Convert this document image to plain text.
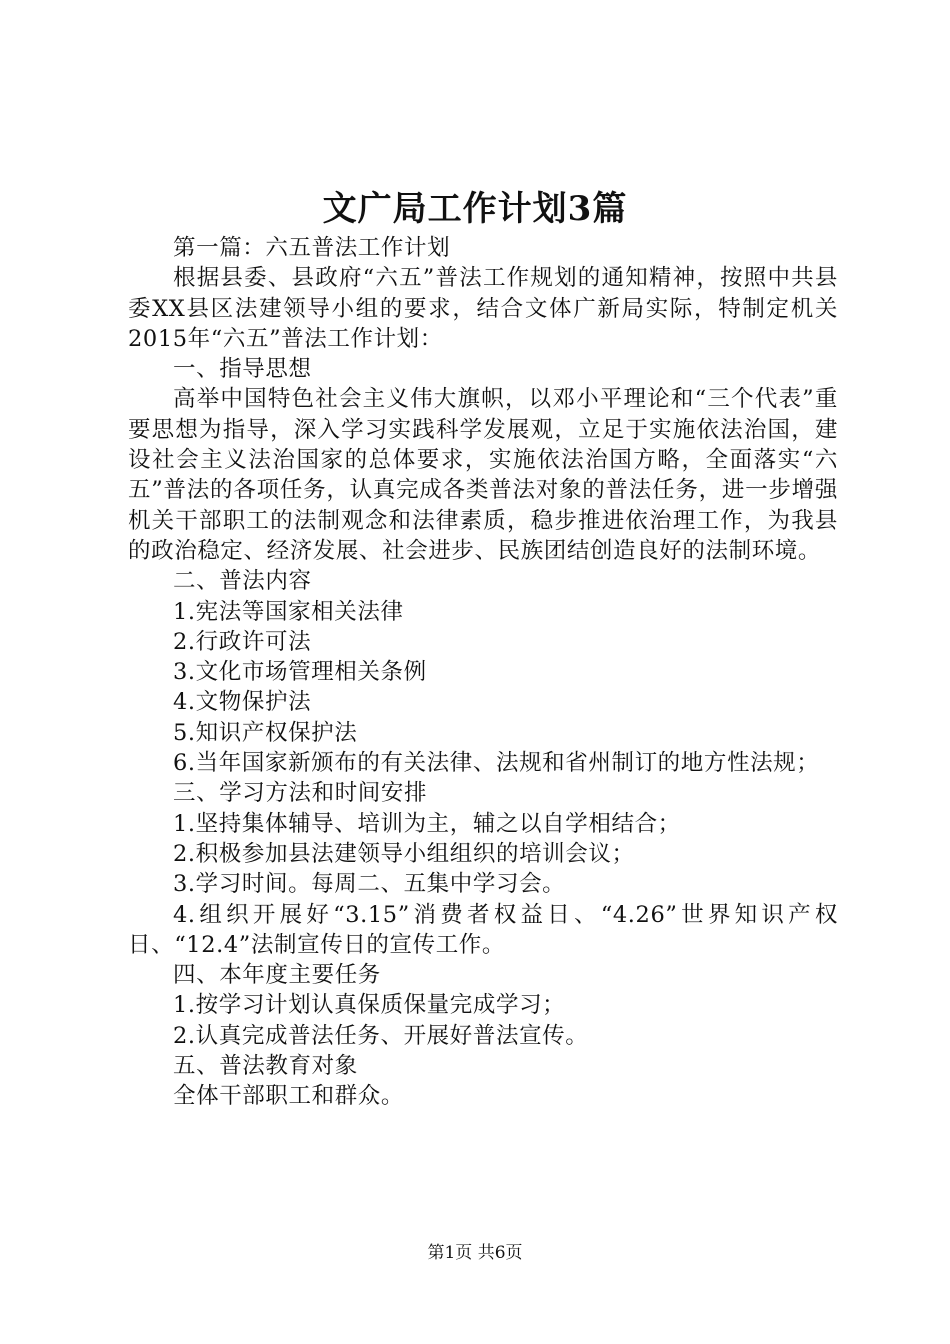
文广局工作计划3篇

第一篇：六五普法工作计划

根据县委、县政府“六五”普法工作规划的通知精神，按照中共县委XX县区法建领导小组的要求，结合文体广新局实际，特制定机关2015年“六五”普法工作计划：

一、指导思想

高举中国特色社会主义伟大旗帜，以邓小平理论和“三个代表”重要思想为指导，深入学习实践科学发展观，立足于实施依法治国，建设社会主义法治国家的总体要求，实施依法治国方略，全面落实“六五”普法的各项任务，认真完成各类普法对象的普法任务，进一步增强机关干部职工的法制观念和法律素质，稳步推进依治理工作，为我县的政治稳定、经济发展、社会进步、民族团结创造良好的法制环境。

二、普法内容

1.宪法等国家相关法律

2.行政许可法

3.文化市场管理相关条例

4.文物保护法

5.知识产权保护法

6.当年国家新颁布的有关法律、法规和省州制订的地方性法规；

三、学习方法和时间安排

1.坚持集体辅导、培训为主，辅之以自学相结合；

2.积极参加县法建领导小组组织的培训会议；

3.学习时间。每周二、五集中学习会。

4.组织开展好“3.15”消费者权益日、“4.26”世界知识产权日、“12.4”法制宣传日的宣传工作。

四、本年度主要任务

1.按学习计划认真保质保量完成学习；

2.认真完成普法任务、开展好普法宣传。

五、普法教育对象

全体干部职工和群众。

第1页 共6页
